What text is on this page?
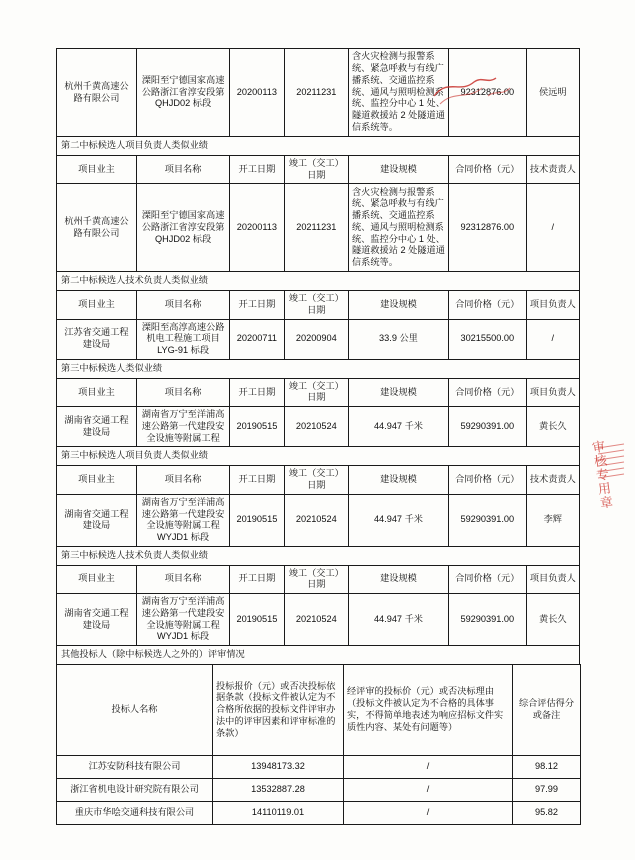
杭州千黄高速公路有限公司	溧阳至宁德国家高速公路浙江省淳安段第 QHJD02 标段	20200113	20211231	含火灾检测与报警系统、紧急呼救与有线广播系统、交通监控系统、通风与照明检测系统、监控分中心 1 处、隧道救援站 2 处隧道通信系统等。	92312876.00	侯远明
第二中标候选人项目负责人类似业绩						
项目业主	项目名称	开工日期	竣工（交工）日期	建设规模	合同价格（元）	技术责责人
杭州千黄高速公路有限公司	溧阳至宁德国家高速公路浙江省淳安段第 QHJD02 标段	20200113	20211231	含火灾检测与报警系统、紧急呼救与有线广播系统、交通监控系统、通风与照明检测系统、监控分中心 1 处、隧道救援站 2 处隧道通信系统等。	92312876.00	/
第二中标候选人技术负责人类似业绩						
项目业主	项目名称	开工日期	竣工（交工）日期	建设规模	合同价格（元）	项目负责人
江苏省交通工程建设局	溧阳至高淳高速公路机电工程施工项目 LYG-91 标段	20200711	20200904	33.9 公里	30215500.00	/
第三中标候选人类似业绩						
项目业主	项目名称	开工日期	竣工（交工）日期	建设规模	合同价格（元）	项目负责人
湖南省交通工程建设局	湖南省万宁至洋浦高速公路第一代建段安全设施等附属工程	20190515	20210524	44.947 千米	59290391.00	黄长久
第三中标候选人项目负责人类似业绩						
项目业主	项目名称	开工日期	竣工（交工）日期	建设规模	合同价格（元）	技术责责人
湖南省交通工程建设局	湖南省万宁至洋浦高速公路第一代建段安全设施等附属工程 WYJD1 标段	20190515	20210524	44.947 千米	59290391.00	李辉
第三中标候选人技术负责人类似业绩						
项目业主	项目名称	开工日期	竣工（交工）日期	建设规模	合同价格（元）	项目负责人
湖南省交通工程建设局	湖南省万宁至洋浦高速公路第一代建段安全设施等附属工程 WYJD1 标段	20190515	20210524	44.947 千米	59290391.00	黄长久
其他投标人（除中标候选人之外的）评审情况						
投标人名称	投标报价（元）或否决投标依据条款（投标文件被认定为不合格所依据的投标文件评审办法中的评审因素和评审标准的条款）	经评审的投标价（元）或否决标理由（投标文件被认定为不合格的具体事实，不得简单地表述为响应招标文件实质性内容、某处有问题等）	综合评估得分或备注
江苏安防科技有限公司	13948173.32	/	98.12
浙江省机电设计研究院有限公司	13532887.28	/	97.99
重庆市华哙交通科技有限公司	14110119.01	/	95.82
审核专用章
